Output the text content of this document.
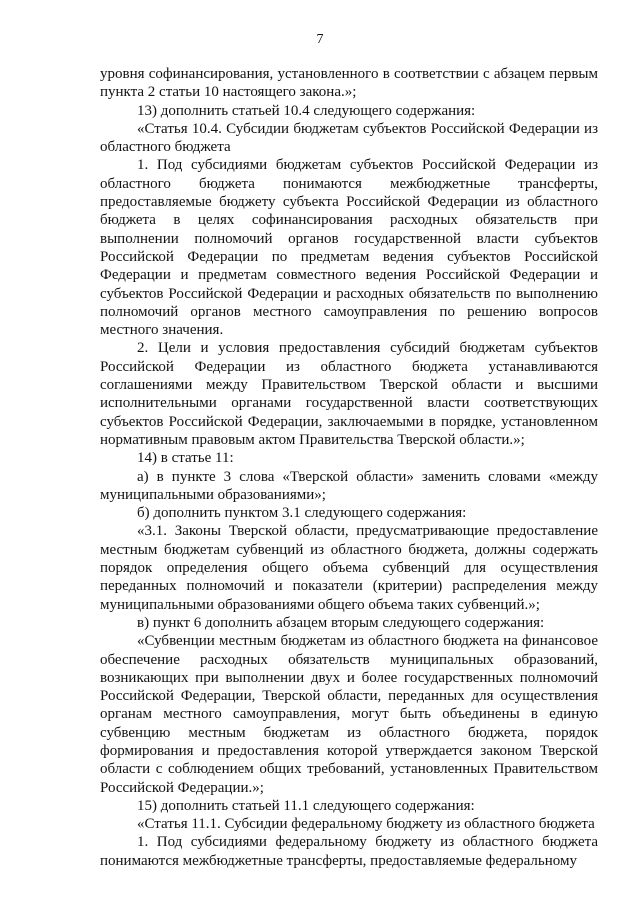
7

уровня софинансирования, установленного в соответствии с абзацем первым пункта 2 статьи 10 настоящего закона.»;

13) дополнить статьей 10.4 следующего содержания:

«Статья 10.4. Субсидии бюджетам субъектов Российской Федерации из областного бюджета

1. Под субсидиями бюджетам субъектов Российской Федерации из областного бюджета понимаются межбюджетные трансферты, предоставляемые бюджету субъекта Российской Федерации из областного бюджета в целях софинансирования расходных обязательств при выполнении полномочий органов государственной власти субъектов Российской Федерации по предметам ведения субъектов Российской Федерации и предметам совместного ведения Российской Федерации и субъектов Российской Федерации и расходных обязательств по выполнению полномочий органов местного самоуправления по решению вопросов местного значения.

2. Цели и условия предоставления субсидий бюджетам субъектов Российской Федерации из областного бюджета устанавливаются соглашениями между Правительством Тверской области и высшими исполнительными органами государственной власти соответствующих субъектов Российской Федерации, заключаемыми в порядке, установленном нормативным правовым актом Правительства Тверской области.»;

14) в статье 11:

а) в пункте 3 слова «Тверской области» заменить словами «между муниципальными образованиями»;

б) дополнить пунктом 3.1 следующего содержания:

«3.1. Законы Тверской области, предусматривающие предоставление местным бюджетам субвенций из областного бюджета, должны содержать порядок определения общего объема субвенций для осуществления переданных полномочий и показатели (критерии) распределения между муниципальными образованиями общего объема таких субвенций.»;

в) пункт 6 дополнить абзацем вторым следующего содержания:

«Субвенции местным бюджетам из областного бюджета на финансовое обеспечение расходных обязательств муниципальных образований, возникающих при выполнении двух и более государственных полномочий Российской Федерации, Тверской области, переданных для осуществления органам местного самоуправления, могут быть объединены в единую субвенцию местным бюджетам из областного бюджета, порядок формирования и предоставления которой утверждается законом Тверской области с соблюдением общих требований, установленных Правительством Российской Федерации.»;

15) дополнить статьей 11.1 следующего содержания:

«Статья 11.1. Субсидии федеральному бюджету из областного бюджета

1. Под субсидиями федеральному бюджету из областного бюджета понимаются межбюджетные трансферты, предоставляемые федеральному
